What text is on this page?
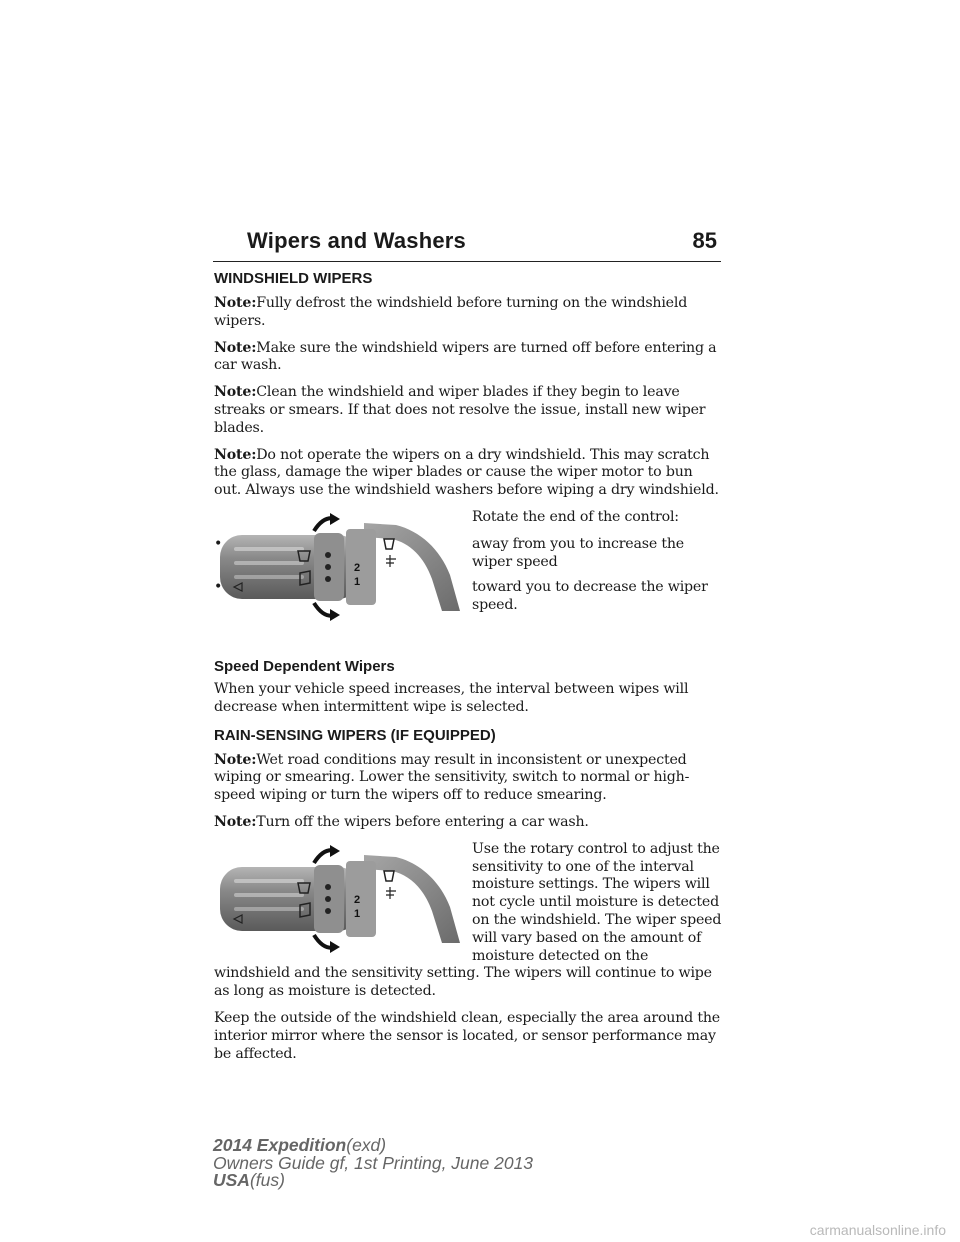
Wipers and Washers	85
WINDSHIELD WIPERS

Note:Fully defrost the windshield before turning on the windshield wipers.

Note:Make sure the windshield wipers are turned off before entering a car wash.

Note:Clean the windshield and wiper blades if they begin to leave streaks or smears. If that does not resolve the issue, install new wiper blades.

Note:Do not operate the wipers on a dry windshield. This may scratch the glass, damage the wiper blades or cause the wiper motor to bun out. Always use the windshield washers before wiping a dry windshield.

2
1

Rotate the end of the control:

•	away from you to increase the wiper speed
•	toward you to decrease the wiper speed.
Speed Dependent Wipers

When your vehicle speed increases, the interval between wipes will decrease when intermittent wipe is selected.

RAIN-SENSING WIPERS (IF EQUIPPED)

Note:Wet road conditions may result in inconsistent or unexpected wiping or smearing. Lower the sensitivity, switch to normal or high-speed wiping or turn the wipers off to reduce smearing.

Note:Turn off the wipers before entering a car wash.

2
1

Use the rotary control to adjust the sensitivity to one of the interval moisture settings. The wipers will not cycle until moisture is detected on the windshield. The wiper speed will vary based on the amount of moisture detected on the windshield and the sensitivity setting. The wipers will continue to wipe as long as moisture is detected.

Keep the outside of the windshield clean, especially the area around the interior mirror where the sensor is located, or sensor performance may be affected.

2014 Expedition(exd)
Owners Guide gf, 1st Printing, June 2013
USA(fus)
carmanualsonline.info
